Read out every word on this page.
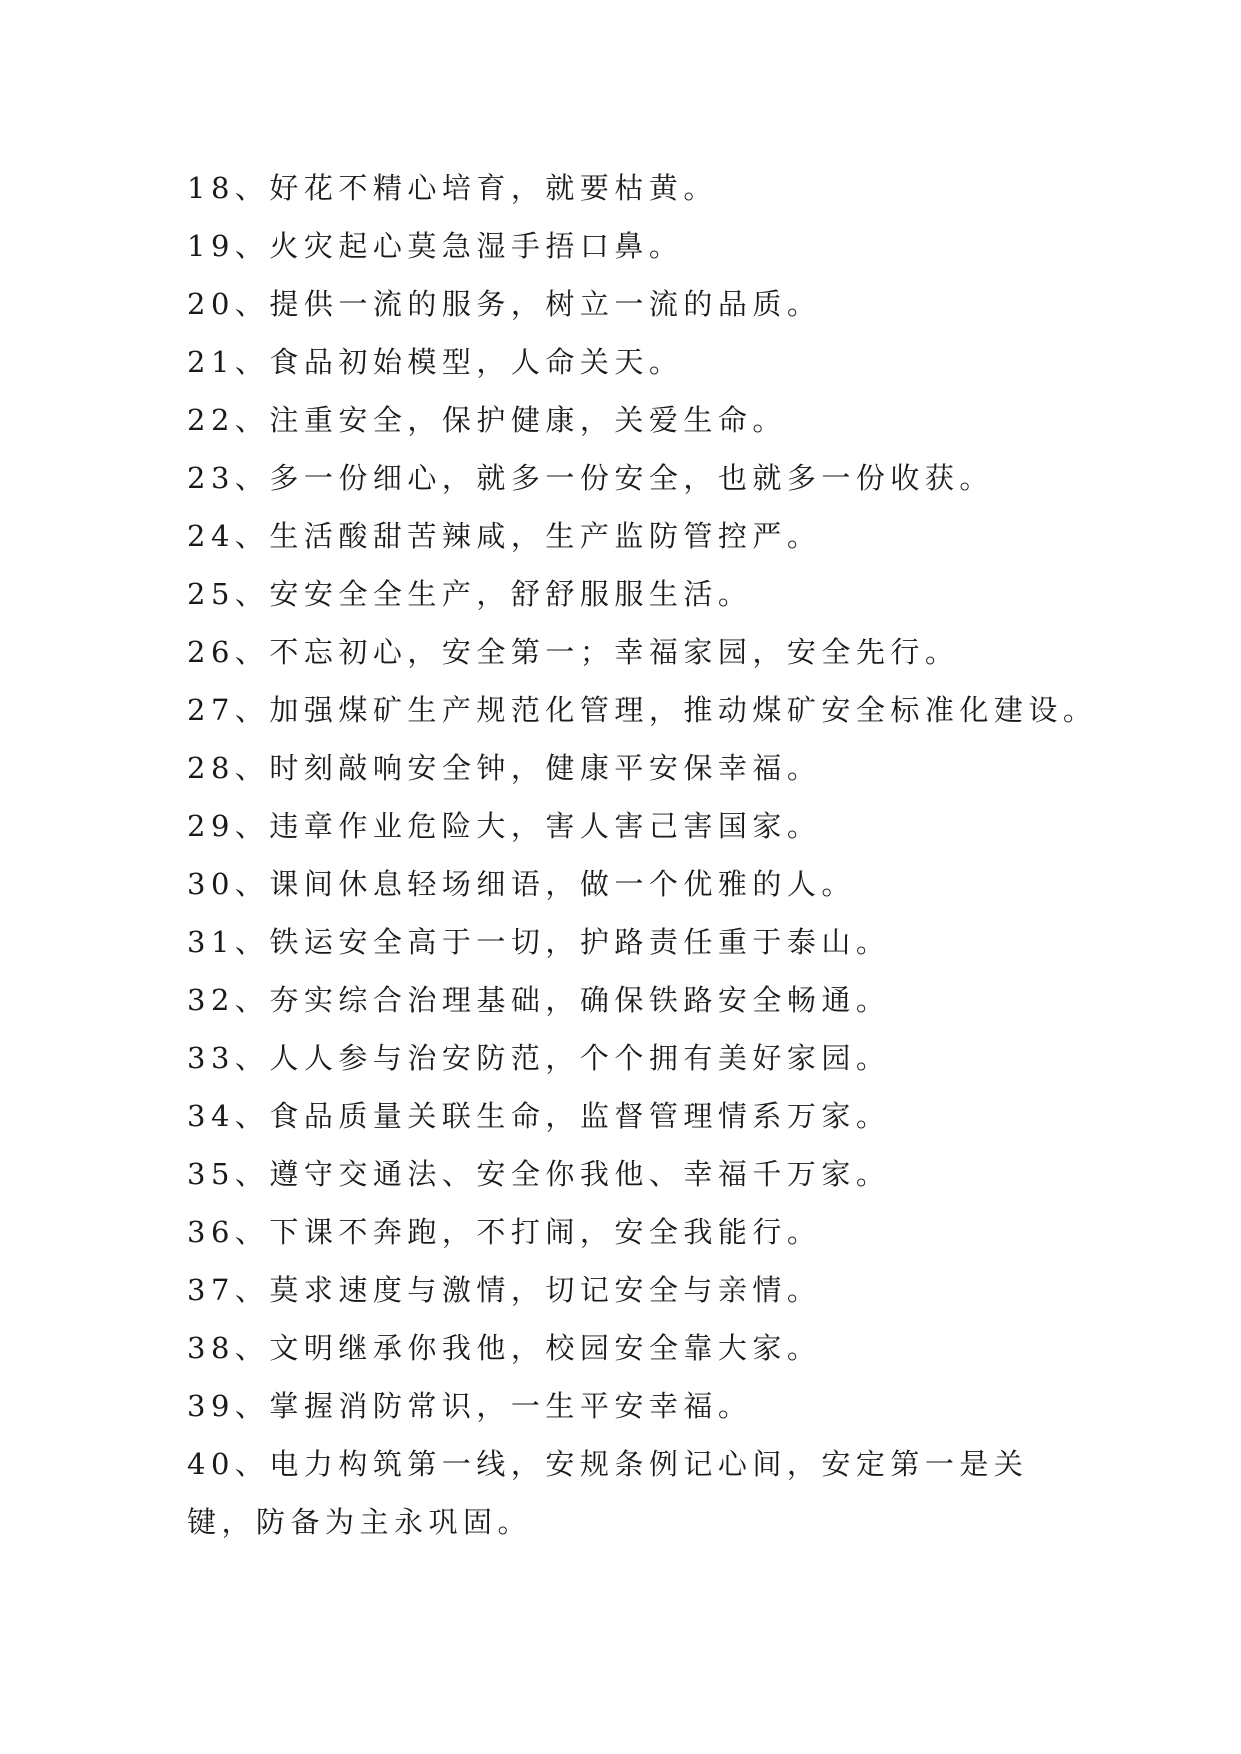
18、好花不精心培育，就要枯黄。
19、火灾起心莫急湿手捂口鼻。
20、提供一流的服务，树立一流的品质。
21、食品初始模型，人命关天。
22、注重安全，保护健康，关爱生命。
23、多一份细心，就多一份安全，也就多一份收获。
24、生活酸甜苦辣咸，生产监防管控严。
25、安安全全生产，舒舒服服生活。
26、不忘初心，安全第一；幸福家园，安全先行。
27、加强煤矿生产规范化管理，推动煤矿安全标准化建设。
28、时刻敲响安全钟，健康平安保幸福。
29、违章作业危险大，害人害己害国家。
30、课间休息轻场细语，做一个优雅的人。
31、铁运安全高于一切，护路责任重于泰山。
32、夯实综合治理基础，确保铁路安全畅通。
33、人人参与治安防范，个个拥有美好家园。
34、食品质量关联生命，监督管理情系万家。
35、遵守交通法、安全你我他、幸福千万家。
36、下课不奔跑，不打闹，安全我能行。
37、莫求速度与激情，切记安全与亲情。
38、文明继承你我他，校园安全靠大家。
39、掌握消防常识，一生平安幸福。
40、电力构筑第一线，安规条例记心间，安定第一是关键，防备为主永巩固。
